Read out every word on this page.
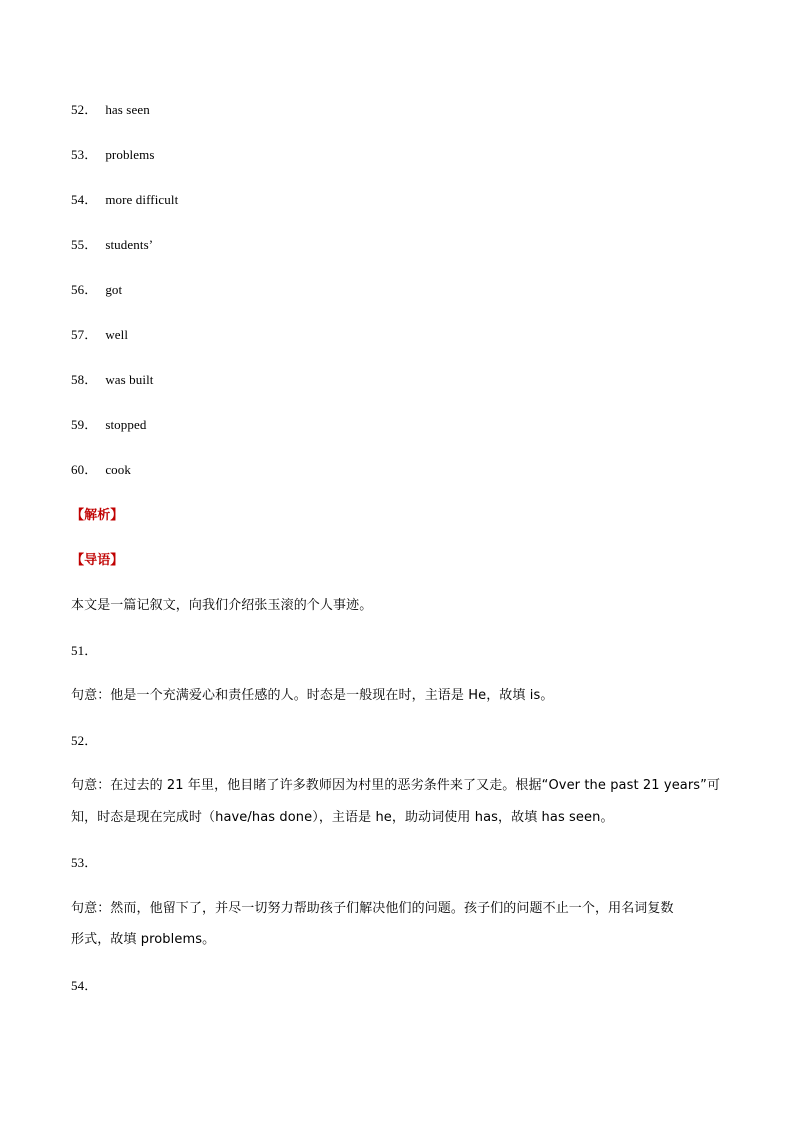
52． has seen
53． problems
54． more difficult
55． students’
56． got
57． well
58． was built
59． stopped
60． cook
【解析】
【导语】
本文是一篇记叙文，向我们介绍张玉滚的个人事迹。
51．
句意：他是一个充满爱心和责任感的人。时态是一般现在时，主语是 He，故填 is。
52．
句意：在过去的 21 年里，他目睹了许多教师因为村里的恶劣条件来了又走。根据“Over the past 21 years”可
知，时态是现在完成时（have/has done），主语是 he，助动词使用 has，故填 has seen。
53．
句意：然而，他留下了，并尽一切努力帮助孩子们解决他们的问题。孩子们的问题不止一个，用名词复数
形式，故填 problems。
54．
